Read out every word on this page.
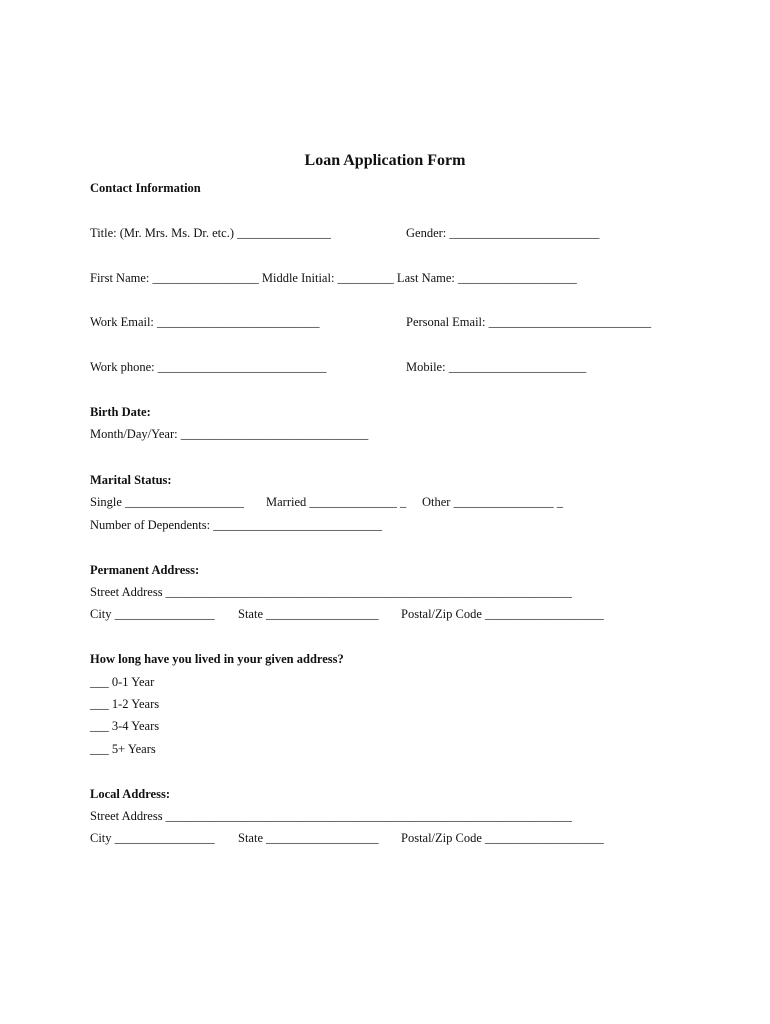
Loan Application Form
Contact Information
Title: (Mr. Mrs. Ms. Dr. etc.) _______________	Gender: ________________________
First Name: _________________ Middle Initial: _________ Last Name: ___________________
Work Email: __________________________	Personal Email: __________________________
Work phone: ___________________________	Mobile: ______________________
Birth Date:
Month/Day/Year: ______________________________
Marital Status:
Single ___________________ Married ______________ _ Other ________________ _
Number of Dependents: ___________________________
Permanent Address:
Street Address _________________________________________________________________
City ________________ State __________________ Postal/Zip Code ___________________
How long have you lived in your given address?
___ 0-1 Year
___ 1-2 Years
___ 3-4 Years
___ 5+ Years
Local Address:
Street Address _________________________________________________________________
City ________________ State __________________ Postal/Zip Code ___________________
